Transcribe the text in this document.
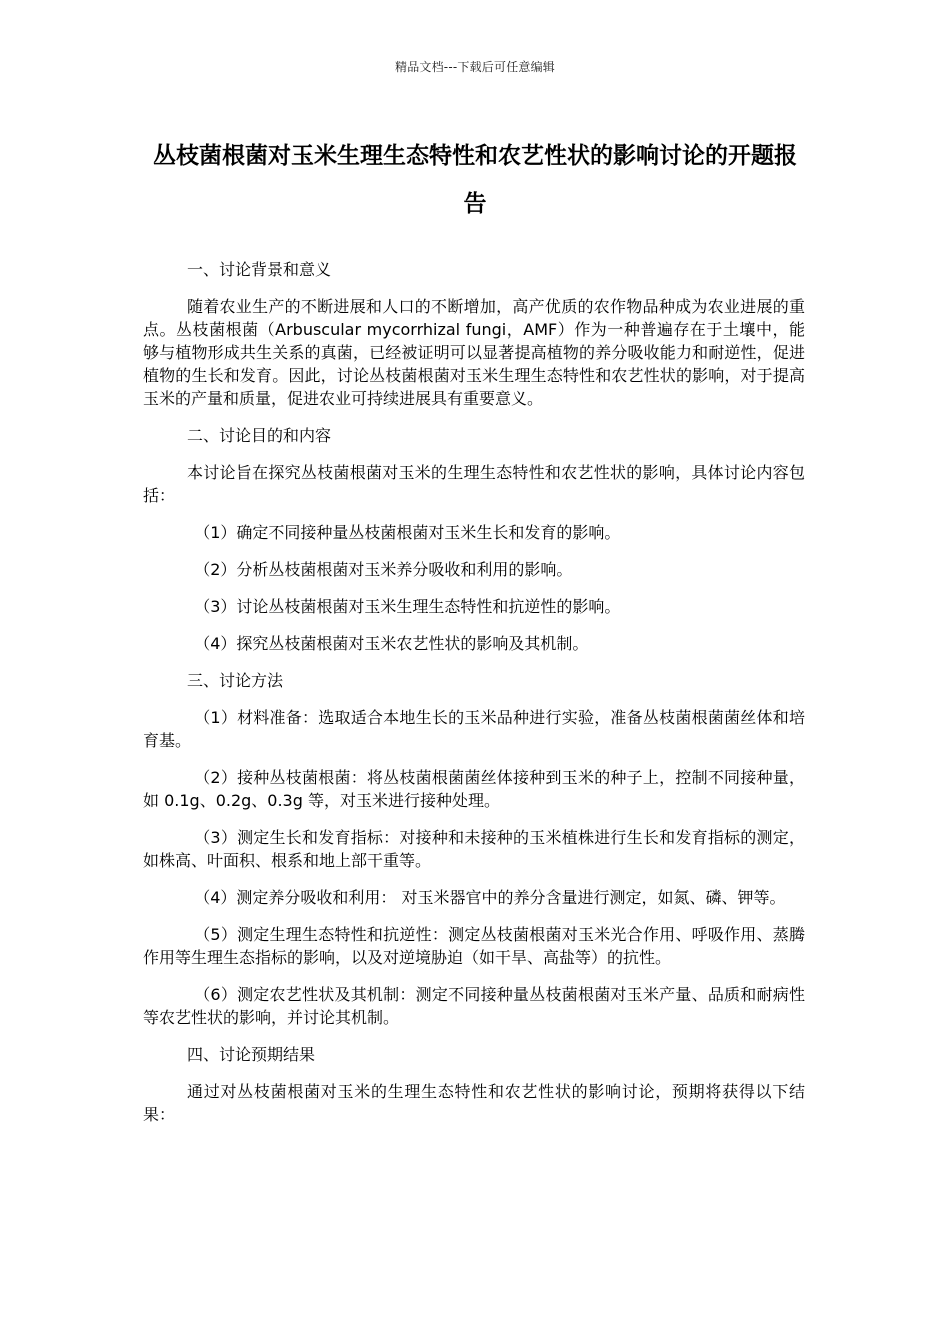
精品文档---下载后可任意编辑
丛枝菌根菌对玉米生理生态特性和农艺性状的影响讨论的开题报告

一、讨论背景和意义

随着农业生产的不断进展和人口的不断增加，高产优质的农作物品种成为农业进展的重点。丛枝菌根菌（Arbuscular mycorrhizal fungi，AMF）作为一种普遍存在于土壤中，能够与植物形成共生关系的真菌，已经被证明可以显著提高植物的养分吸收能力和耐逆性，促进植物的生长和发育。因此，讨论丛枝菌根菌对玉米生理生态特性和农艺性状的影响，对于提高玉米的产量和质量，促进农业可持续进展具有重要意义。

二、讨论目的和内容

本讨论旨在探究丛枝菌根菌对玉米的生理生态特性和农艺性状的影响，具体讨论内容包括：

（1）确定不同接种量丛枝菌根菌对玉米生长和发育的影响。

（2）分析丛枝菌根菌对玉米养分吸收和利用的影响。

（3）讨论丛枝菌根菌对玉米生理生态特性和抗逆性的影响。

（4）探究丛枝菌根菌对玉米农艺性状的影响及其机制。

三、讨论方法

（1）材料准备：选取适合本地生长的玉米品种进行实验，准备丛枝菌根菌菌丝体和培育基。

（2）接种丛枝菌根菌：将丛枝菌根菌菌丝体接种到玉米的种子上，控制不同接种量，如 0.1g、0.2g、0.3g 等，对玉米进行接种处理。

（3）测定生长和发育指标：对接种和未接种的玉米植株进行生长和发育指标的测定，如株高、叶面积、根系和地上部干重等。

（4）测定养分吸收和利用： 对玉米器官中的养分含量进行测定，如氮、磷、钾等。

（5）测定生理生态特性和抗逆性：测定丛枝菌根菌对玉米光合作用、呼吸作用、蒸腾作用等生理生态指标的影响，以及对逆境胁迫（如干旱、高盐等）的抗性。

（6）测定农艺性状及其机制：测定不同接种量丛枝菌根菌对玉米产量、品质和耐病性等农艺性状的影响，并讨论其机制。

四、讨论预期结果

通过对丛枝菌根菌对玉米的生理生态特性和农艺性状的影响讨论，预期将获得以下结果：
